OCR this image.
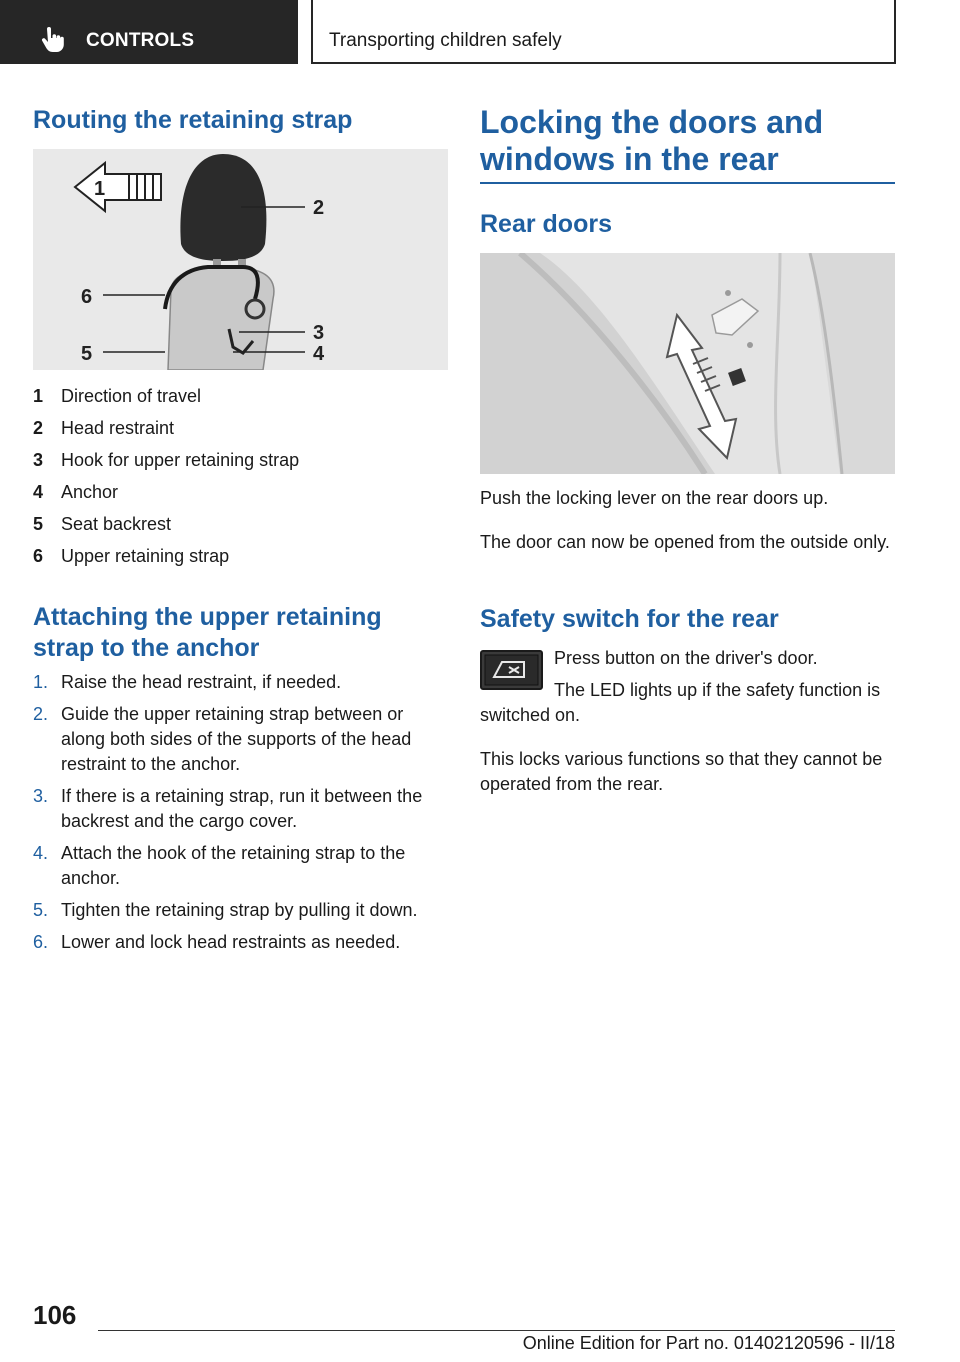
CONTROLS	Transporting children safely
Routing the retaining strap
1
2
3
4
5
6
1 Direction of travel
2 Head restraint
3 Hook for upper retaining strap
4 Anchor
5 Seat backrest
6 Upper retaining strap
Attaching the upper retaining strap to the anchor
1. Raise the head restraint, if needed.
2. Guide the upper retaining strap between or along both sides of the supports of the head restraint to the anchor.
3. If there is a retaining strap, run it between the backrest and the cargo cover.
4. Attach the hook of the retaining strap to the anchor.
5. Tighten the retaining strap by pulling it down.
6. Lower and lock head restraints as needed.
Locking the doors and windows in the rear
Rear doors

Push the locking lever on the rear doors up.

The door can now be opened from the outside only.

Safety switch for the rear

Press button on the driver's door.

The LED lights up if the safety function is switched on.

This locks various functions so that they cannot be operated from the rear.

106
Online Edition for Part no. 01402120596 - II/18
